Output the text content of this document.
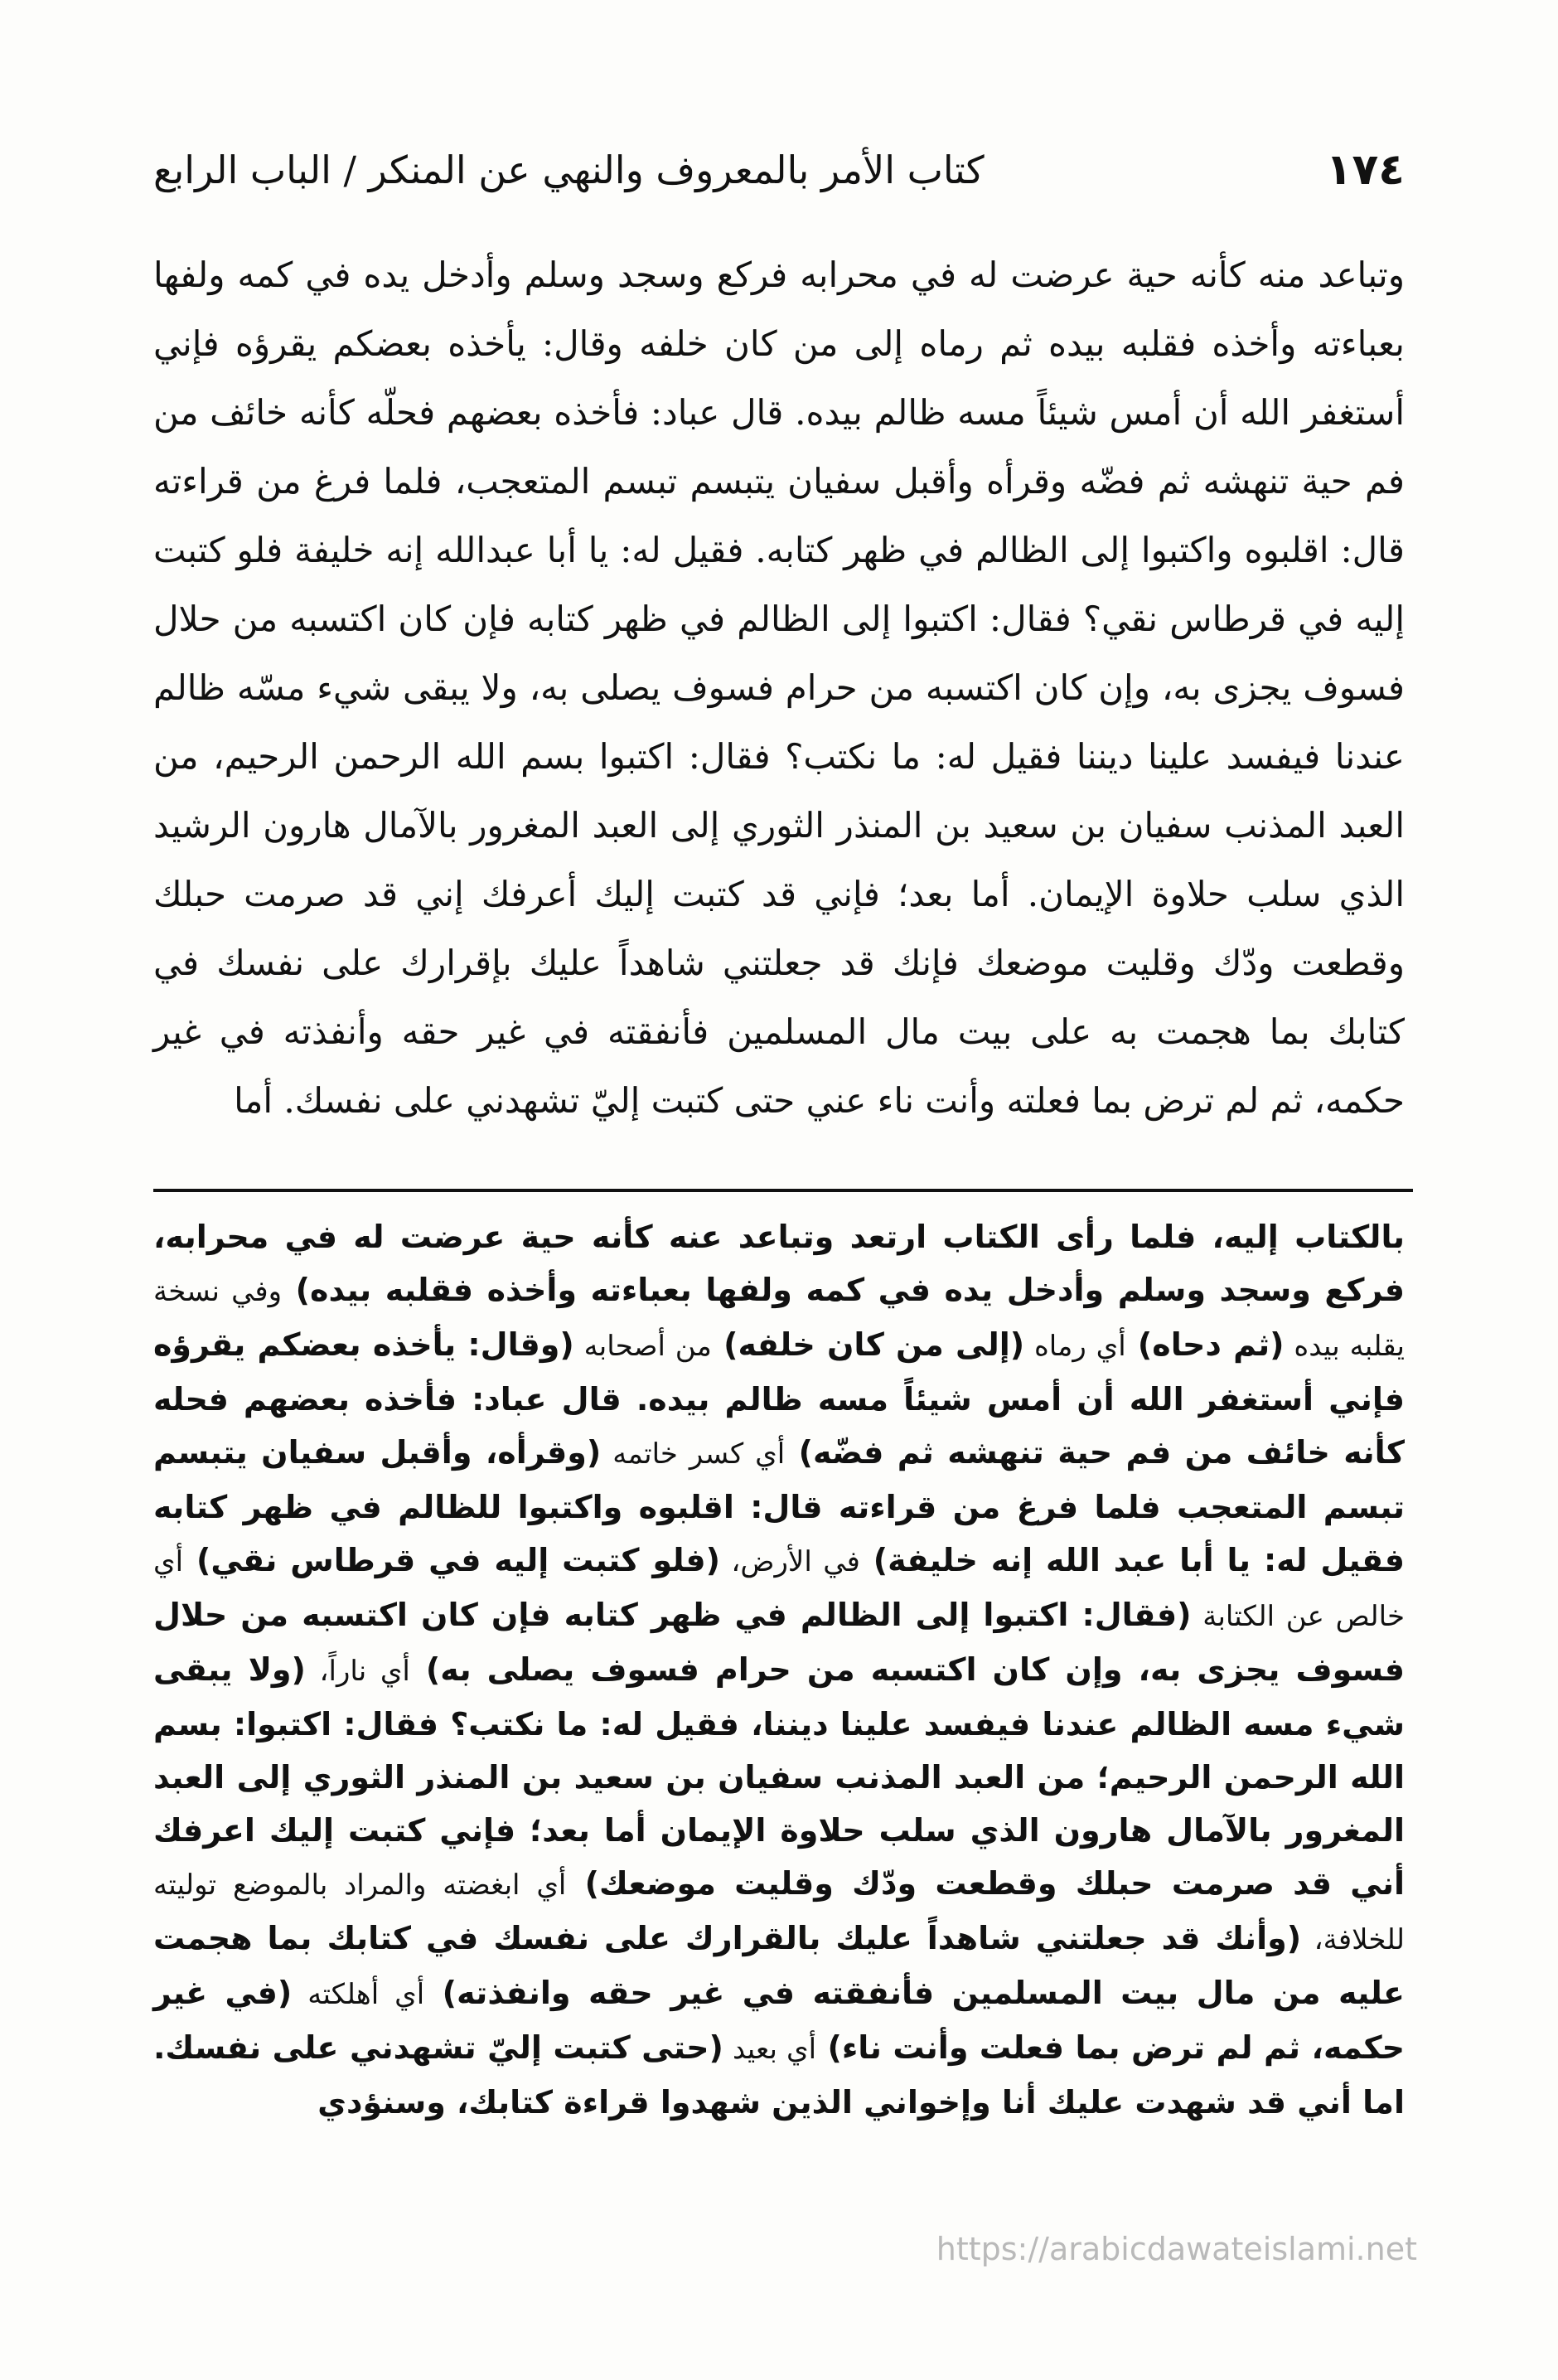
١٧٤
كتاب الأمر بالمعروف والنهي عن المنكر / الباب الرابع

وتباعد منه كأنه حية عرضت له في محرابه فركع وسجد وسلم وأدخل يده في كمه ولفها بعباءته وأخذه فقلبه بيده ثم رماه إلى من كان خلفه وقال: يأخذه بعضكم يقرؤه فإني أستغفر الله أن أمس شيئاً مسه ظالم بيده. قال عباد: فأخذه بعضهم فحلّه كأنه خائف من فم حية تنهشه ثم فضّه وقرأه وأقبل سفيان يتبسم تبسم المتعجب، فلما فرغ من قراءته قال: اقلبوه واكتبوا إلى الظالم في ظهر كتابه. فقيل له: يا أبا عبدالله إنه خليفة فلو كتبت إليه في قرطاس نقي؟ فقال: اكتبوا إلى الظالم في ظهر كتابه فإن كان اكتسبه من حلال فسوف يجزى به، وإن كان اكتسبه من حرام فسوف يصلى به، ولا يبقى شيء مسّه ظالم عندنا فيفسد علينا ديننا فقيل له: ما نكتب؟ فقال: اكتبوا بسم الله الرحمن الرحيم، من العبد المذنب سفيان بن سعيد بن المنذر الثوري إلى العبد المغرور بالآمال هارون الرشيد الذي سلب حلاوة الإيمان. أما بعد؛ فإني قد كتبت إليك أعرفك إني قد صرمت حبلك وقطعت ودّك وقليت موضعك فإنك قد جعلتني شاهداً عليك بإقرارك على نفسك في كتابك بما هجمت به على بيت مال المسلمين فأنفقته في غير حقه وأنفذته في غير حكمه، ثم لم ترض بما فعلته وأنت ناء عني حتى كتبت إليّ تشهدني على نفسك. أما

بالكتاب إليه، فلما رأى الكتاب ارتعد وتباعد عنه كأنه حية عرضت له في محرابه، فركع وسجد وسلم وأدخل يده في كمه ولفها بعباءته وأخذه فقلبه بيده) وفي نسخة يقلبه بيده (ثم دحاه) أي رماه (إلى من كان خلفه) من أصحابه (وقال: يأخذه بعضكم يقرؤه فإني أستغفر الله أن أمس شيئاً مسه ظالم بيده. قال عباد: فأخذه بعضهم فحله كأنه خائف من فم حية تنهشه ثم فضّه) أي كسر خاتمه (وقرأه، وأقبل سفيان يتبسم تبسم المتعجب فلما فرغ من قراءته قال: اقلبوه واكتبوا للظالم في ظهر كتابه فقيل له: يا أبا عبد الله إنه خليفة) في الأرض، (فلو كتبت إليه في قرطاس نقي) أي خالص عن الكتابة (فقال: اكتبوا إلى الظالم في ظهر كتابه فإن كان اكتسبه من حلال فسوف يجزى به، وإن كان اكتسبه من حرام فسوف يصلى به) أي ناراً، (ولا يبقى شيء مسه الظالم عندنا فيفسد علينا ديننا، فقيل له: ما نكتب؟ فقال: اكتبوا: بسم الله الرحمن الرحيم؛ من العبد المذنب سفيان بن سعيد بن المنذر الثوري إلى العبد المغرور بالآمال هارون الذي سلب حلاوة الإيمان أما بعد؛ فإني كتبت إليك اعرفك أني قد صرمت حبلك وقطعت ودّك وقليت موضعك) أي ابغضته والمراد بالموضع توليته للخلافة، (وأنك قد جعلتني شاهداً عليك بالقرارك على نفسك في كتابك بما هجمت عليه من مال بيت المسلمين فأنفقته في غير حقه وانفذته) أي أهلكته (في غير حكمه، ثم لم ترض بما فعلت وأنت ناء) أي بعيد (حتى كتبت إليّ تشهدني على نفسك. اما أني قد شهدت عليك أنا وإخواني الذين شهدوا قراءة كتابك، وسنؤدي

https://arabicdawateislami.net
